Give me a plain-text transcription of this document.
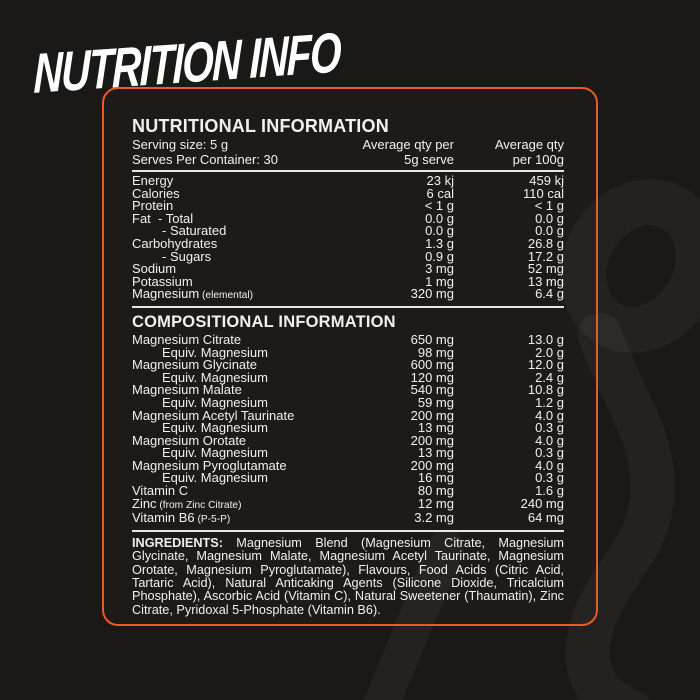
NUTRITION INFO
NUTRITIONAL INFORMATION
Serving size: 5 g
Serves Per Container: 30
Average qty per
5g serve
Average qty
per 100g
Energy	23 kj	459 kj
Calories	6 cal	110 cal
Protein	< 1 g	< 1 g
Fat  - Total	0.0 g	0.0 g
- Saturated	0.0 g	0.0 g
Carbohydrates	1.3 g	26.8 g
- Sugars	0.9 g	17.2 g
Sodium	3 mg	52 mg
Potassium	1 mg	13 mg
Magnesium (elemental)	320 mg	6.4 g
COMPOSITIONAL INFORMATION
Magnesium Citrate	650 mg	13.0 g
Equiv. Magnesium	98 mg	2.0 g
Magnesium Glycinate	600 mg	12.0 g
Equiv. Magnesium	120 mg	2.4 g
Magnesium Malate	540 mg	10.8 g
Equiv. Magnesium	59 mg	1.2 g
Magnesium Acetyl Taurinate	200 mg	4.0 g
Equiv. Magnesium	13 mg	0.3 g
Magnesium Orotate	200 mg	4.0 g
Equiv. Magnesium	13 mg	0.3 g
Magnesium Pyroglutamate	200 mg	4.0 g
Equiv. Magnesium	16 mg	0.3 g
Vitamin C	80 mg	1.6 g
Zinc (from Zinc Citrate)	12 mg	240 mg
Vitamin B6 (P-5-P)	3.2 mg	64 mg

INGREDIENTS: Magnesium Blend (Magnesium Citrate, Magnesium Glycinate, Magnesium Malate, Magnesium Acetyl Taurinate, Magnesium Orotate, Magnesium Pyroglutamate), Flavours, Food Acids (Citric Acid, Tartaric Acid), Natural Anticaking Agents (Silicone Dioxide, Tricalcium Phosphate), Ascorbic Acid (Vitamin C), Natural Sweetener (Thaumatin), Zinc Citrate, Pyridoxal 5-Phosphate (Vitamin B6).
